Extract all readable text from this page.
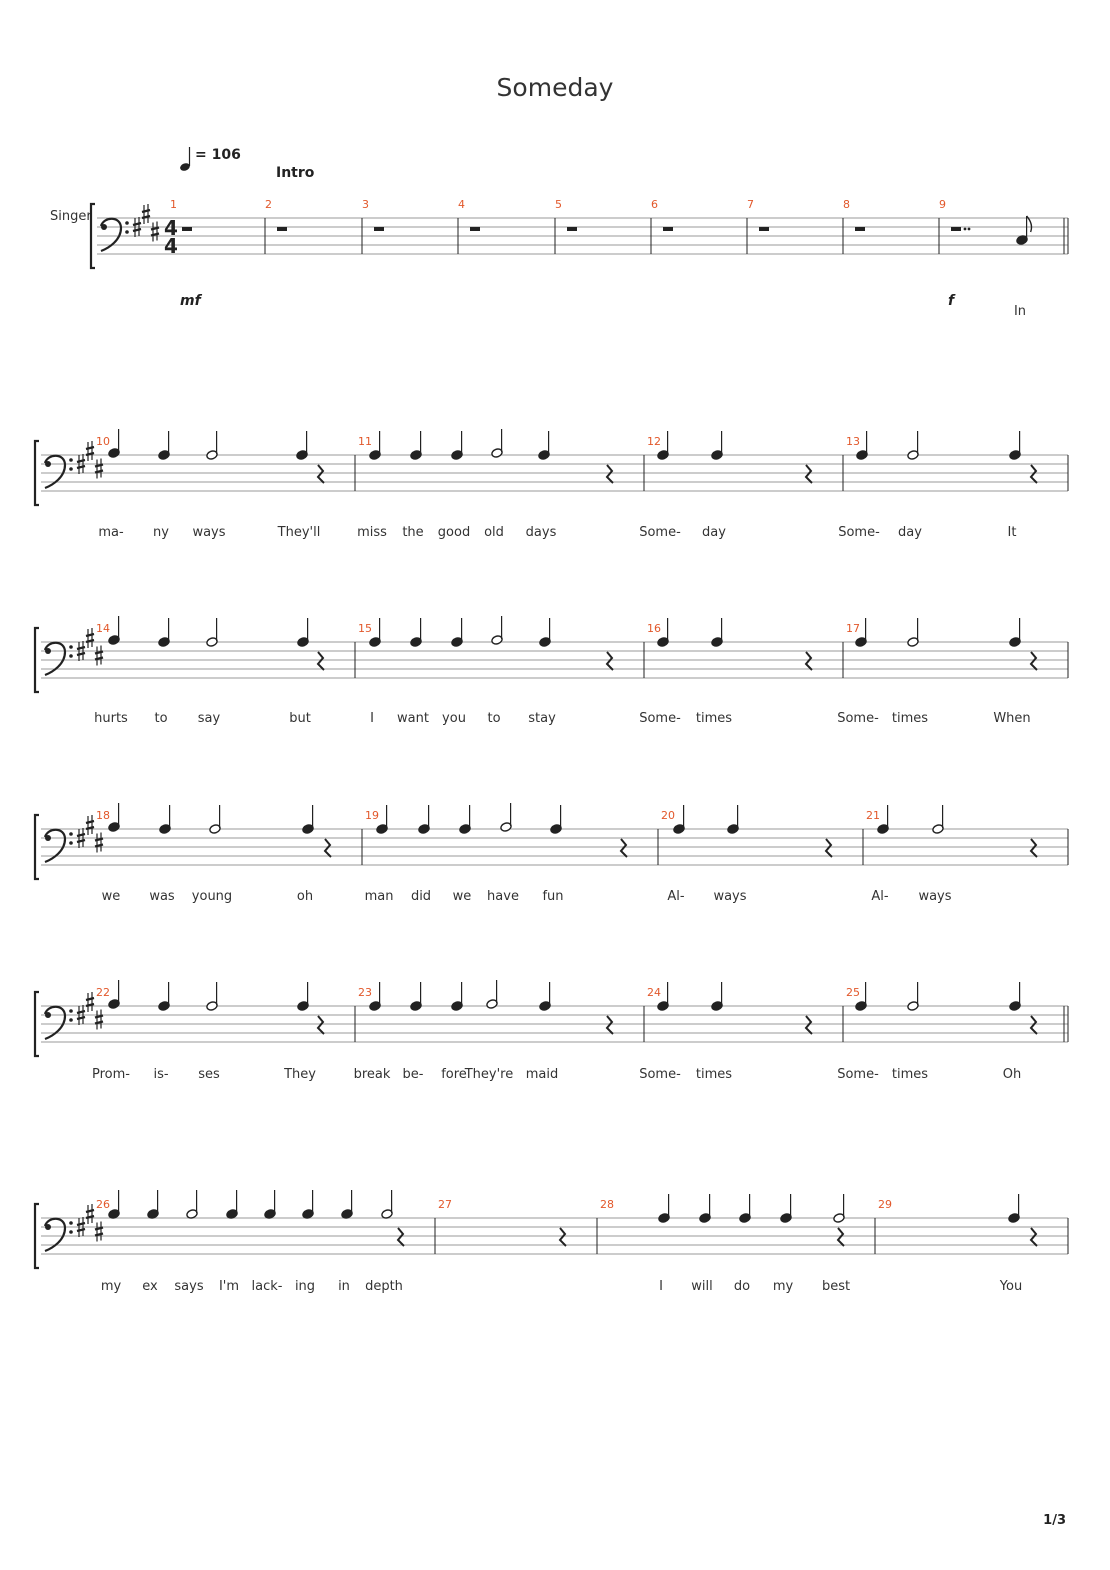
Someday
= 106
Intro
Singer
mf	f
4
4
1	2	3	4	5	6	7	8	9
In
10	11	12	13
ma- ny ways	They'll	miss the good old days	Some- day	Some- day	It
14	15	16	17
hurts to say	but	I want you to stay	Some- times	Some- times	When
18	19	20	21
we was young	oh	man did we have fun	Al- ways	Al- ways
22	23	24	25
Prom- is- ses	They	break be- fore
They're maid	Some- times	Some- times	Oh
26	27	28	29
my ex says I'm lack- ing in depth	I will do my best	You
1/3
